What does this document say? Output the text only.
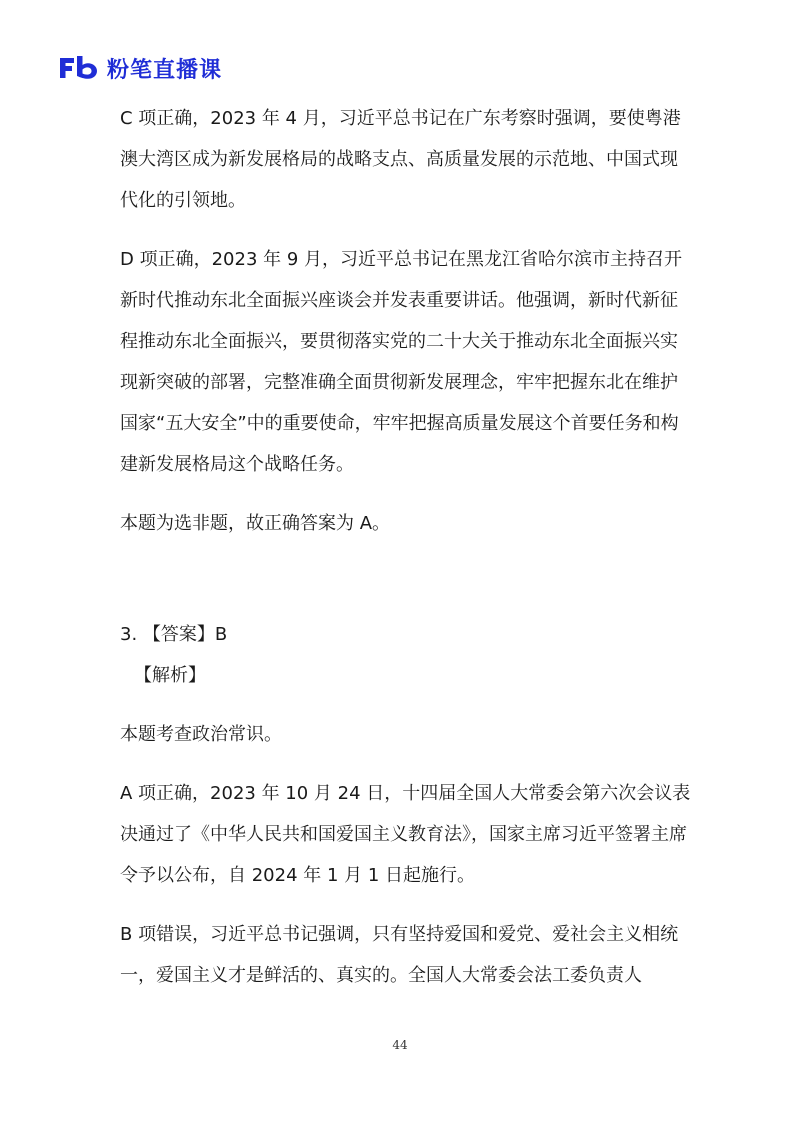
粉笔直播课

C 项正确，2023 年 4 月，习近平总书记在广东考察时强调，要使粤港澳大湾区成为新发展格局的战略支点、高质量发展的示范地、中国式现代化的引领地。

D 项正确，2023 年 9 月，习近平总书记在黑龙江省哈尔滨市主持召开新时代推动东北全面振兴座谈会并发表重要讲话。他强调，新时代新征程推动东北全面振兴，要贯彻落实党的二十大关于推动东北全面振兴实现新突破的部署，完整准确全面贯彻新发展理念，牢牢把握东北在维护国家“五大安全”中的重要使命，牢牢把握高质量发展这个首要任务和构建新发展格局这个战略任务。

本题为选非题，故正确答案为 A。

3. 【答案】B

【解析】

本题考查政治常识。

A 项正确，2023 年 10 月 24 日，十四届全国人大常委会第六次会议表决通过了《中华人民共和国爱国主义教育法》，国家主席习近平签署主席令予以公布，自 2024 年 1 月 1 日起施行。

B 项错误，习近平总书记强调，只有坚持爱国和爱党、爱社会主义相统一，爱国主义才是鲜活的、真实的。全国人大常委会法工委负责人

44
